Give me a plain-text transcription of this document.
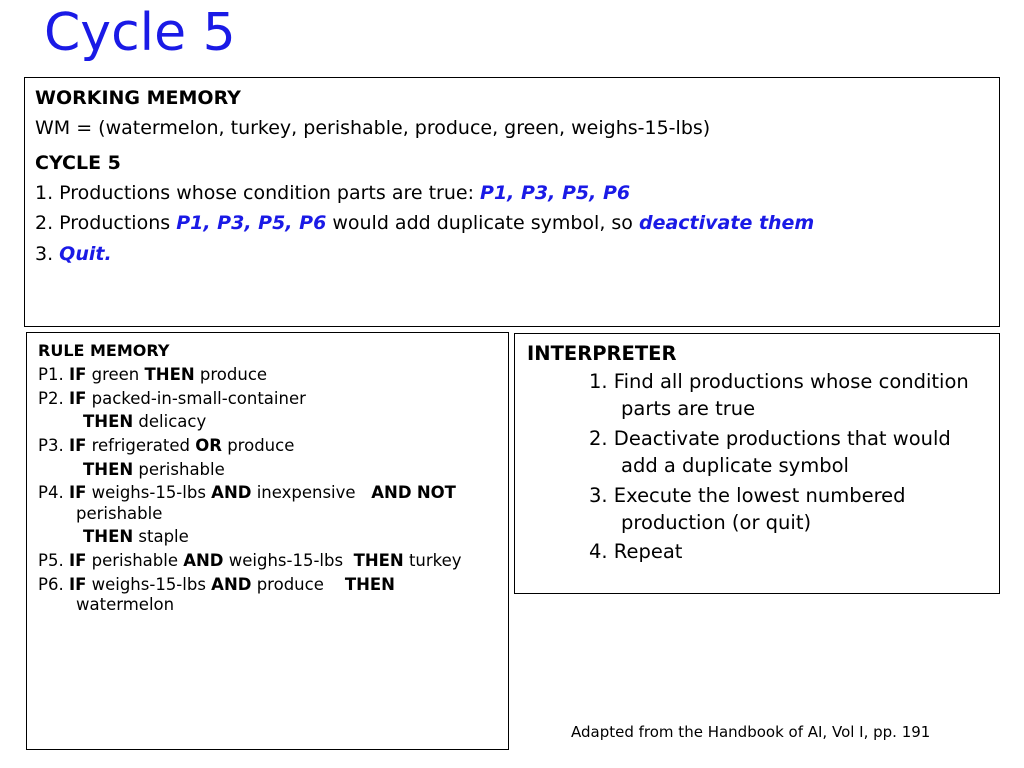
Cycle 5
WORKING MEMORY
WM = (watermelon, turkey, perishable, produce, green, weighs-15-lbs)
CYCLE 5
1. Productions whose condition parts are true: P1, P3, P5, P6
2. Productions P1, P3, P5, P6 would add duplicate symbol, so deactivate them
3. Quit.
RULE MEMORY
P1. IF green THEN produce
P2. IF packed-in-small-container
THEN delicacy
P3. IF refrigerated OR produce
THEN perishable
P4. IF weighs-15-lbs AND inexpensive   AND NOT perishable
THEN staple
P5. IF perishable AND weighs-15-lbs  THEN turkey
P6. IF weighs-15-lbs AND produce    THEN watermelon
INTERPRETER
1. Find all productions whose condition parts are true
2. Deactivate productions that would add a duplicate symbol
3. Execute the lowest numbered production (or quit)
4. Repeat
Adapted from the Handbook of AI, Vol I, pp. 191
